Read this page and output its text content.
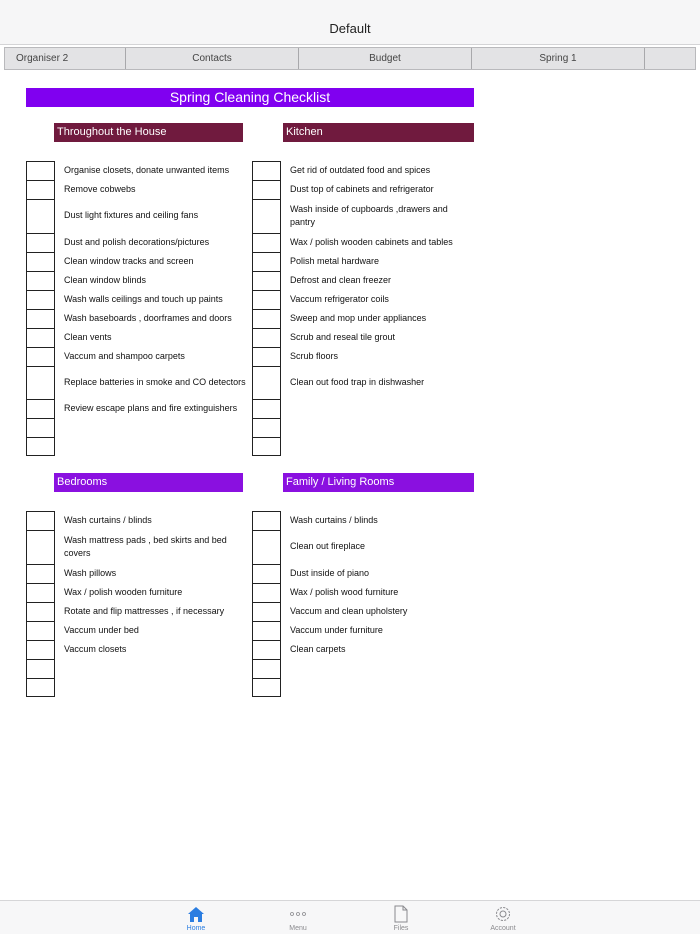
Default
Organiser 2	Contacts	Budget	Spring 1
Spring Cleaning Checklist
Throughout the House	Kitchen
Bedrooms	Family / Living Rooms
Organise closets, donate unwanted items
Remove cobwebs
Dust light fixtures and ceiling fans
Dust and polish decorations/pictures
Clean window tracks and screen
Clean window blinds
Wash walls ceilings and touch up paints
Wash baseboards , doorframes and doors
Clean vents
Vaccum and shampoo carpets
Replace batteries in smoke and CO detectors
Review escape plans and fire extinguishers
Get rid of outdated food and spices
Dust top of cabinets and refrigerator
Wash inside of cupboards ,drawers and pantry
Wax / polish wooden cabinets and tables
Polish metal hardware
Defrost and clean freezer
Vaccum refrigerator coils
Sweep and mop under appliances
Scrub and reseal tile grout
Scrub floors
Clean out food trap in dishwasher
Wash curtains / blinds
Wash mattress pads , bed skirts and bed covers
Wash pillows
Wax / polish wooden furniture
Rotate and flip mattresses , if necessary
Vaccum under bed
Vaccum closets
Wash curtains / blinds
Clean out fireplace
Dust inside of piano
Wax / polish wood furniture
Vaccum and clean upholstery
Vaccum under furniture
Clean carpets
Home	Menu	Files	Account
